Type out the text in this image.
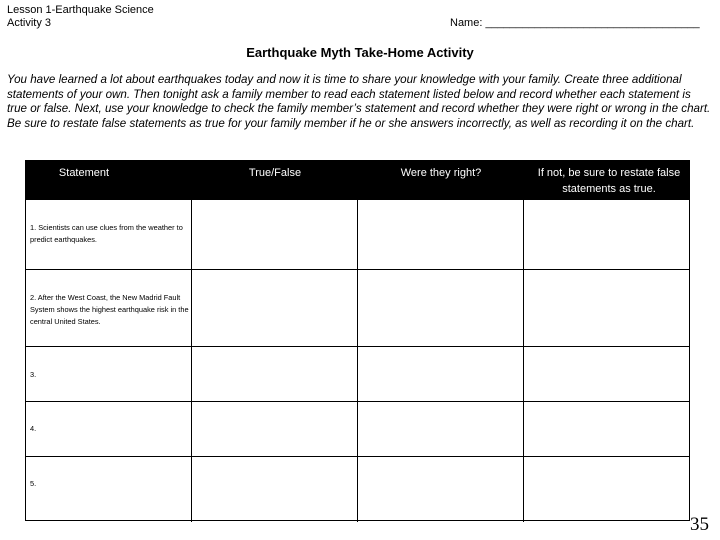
Lesson 1-Earthquake Science
Activity 3	Name: ___________________________________
Earthquake Myth Take-Home Activity
You have learned a lot about earthquakes today and now it is time to share your knowledge with your family. Create three additional statements of your own. Then tonight ask a family member to read each statement listed below and record whether each statement is true or false. Next, use your knowledge to check the family member’s statement and record whether they were right or wrong in the chart. Be sure to restate false statements as true for your family member if he or she answers incorrectly, as well as recording it on the chart.
Statement	True/False	Were they right?	If not, be sure to restate false statements as true.
1. Scientists can use clues from the weather to predict earthquakes.
2. After the West Coast, the New Madrid Fault System shows the highest earthquake risk in the central United States.
3.
4.
5.
35
